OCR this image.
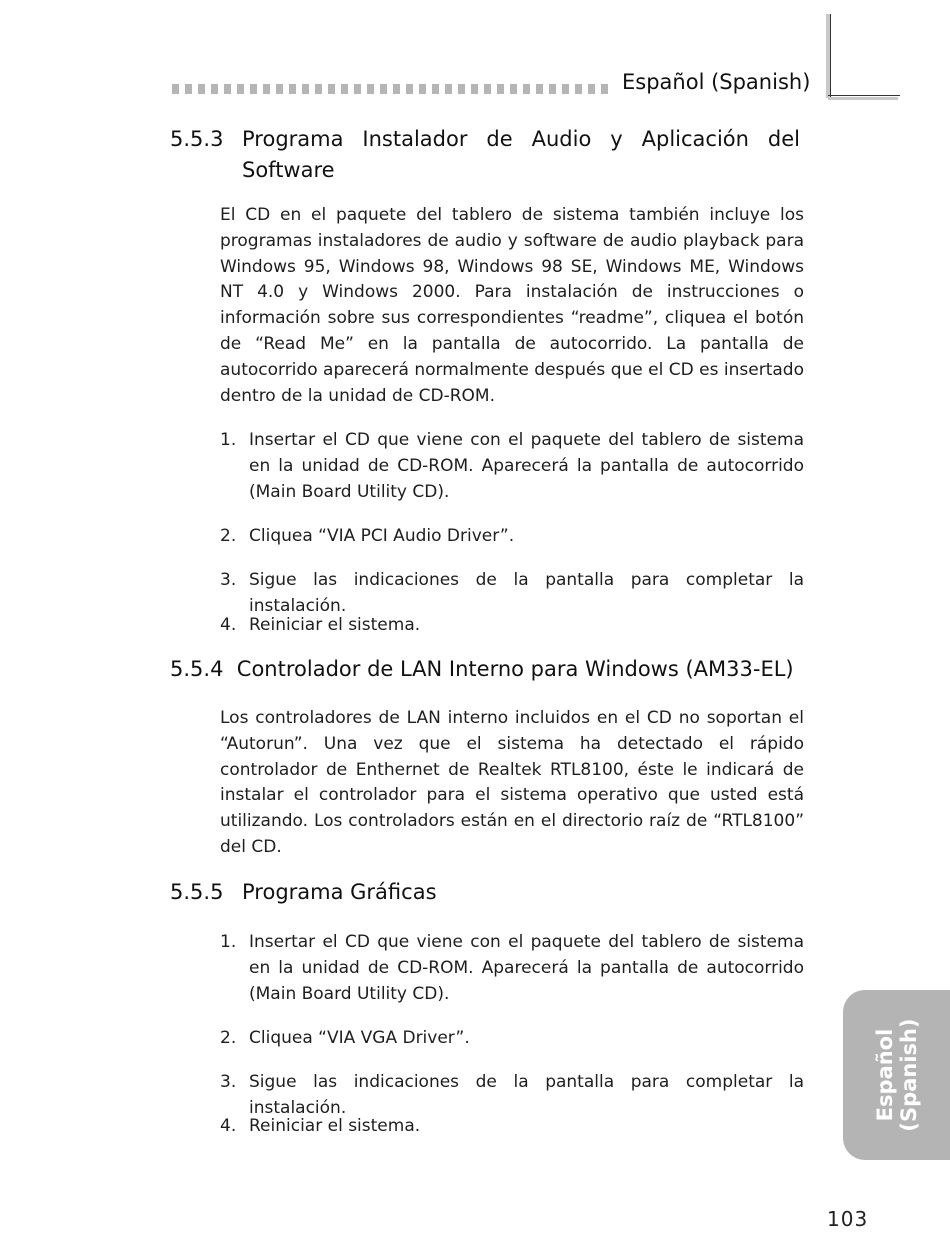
Español (Spanish)
5.5.3 Programa Instalador de Audio y Aplicación del
Software

El CD en el paquete del tablero de sistema también incluye los programas instaladores de audio y software de audio playback para Windows 95, Windows 98, Windows 98 SE, Windows ME, Windows NT 4.0 y Windows 2000. Para instalación de instrucciones o información sobre sus correspondientes “readme”, cliquea el botón de “Read Me” en la pantalla de autocorrido. La pantalla de autocorrido aparecerá normalmente después que el CD es insertado dentro de la unidad de CD-ROM.

1. Insertar el CD que viene con el paquete del tablero de sistema en la unidad de CD-ROM. Aparecerá la pantalla de autocorrido (Main Board Utility CD).
2. Cliquea “VIA PCI Audio Driver”.
3. Sigue las indicaciones de la pantalla para completar la instalación.
4. Reiniciar el sistema.
5.5.4 Controlador de LAN Interno para Windows (AM33-EL)

Los controladores de LAN interno incluidos en el CD no soportan el “Autorun”. Una vez que el sistema ha detectado el rápido controlador de Enthernet de Realtek RTL8100, éste le indicará de instalar el controlador para el sistema operativo que usted está utilizando. Los controladors están en el directorio raíz de “RTL8100” del CD.

5.5.5 Programa Gráficas
1. Insertar el CD que viene con el paquete del tablero de sistema en la unidad de CD-ROM. Aparecerá la pantalla de autocorrido (Main Board Utility CD).
2. Cliquea “VIA VGA Driver”.
3. Sigue las indicaciones de la pantalla para completar la instalación.
4. Reiniciar el sistema.
Español (Spanish)
103
